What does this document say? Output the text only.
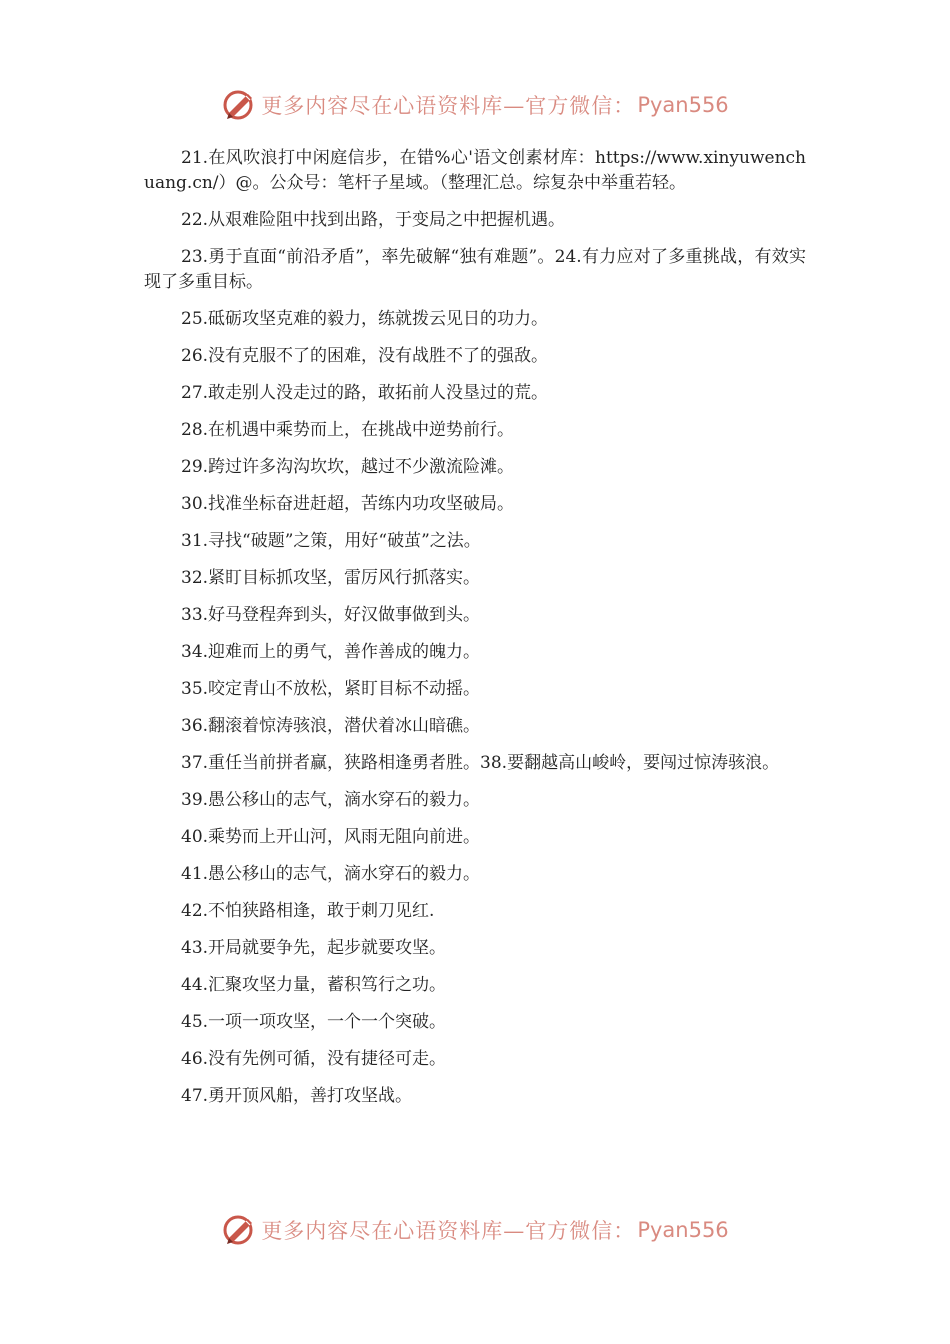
更多内容尽在心语资料库—官方微信： Pyan556

21.在风吹浪打中闲庭信步，在错%心'语文创素材库：https://www.xinyuwenchuang.cn/）@。公众号：笔杆子星域。（整理汇总。综复杂中举重若轻。

22.从艰难险阻中找到出路，于变局之中把握机遇。

23.勇于直面“前沿矛盾”，率先破解“独有难题”。24.有力应对了多重挑战，有效实现了多重目标。

25.砥砺攻坚克难的毅力，练就拨云见日的功力。

26.没有克服不了的困难，没有战胜不了的强敌。

27.敢走别人没走过的路，敢拓前人没垦过的荒。

28.在机遇中乘势而上，在挑战中逆势前行。

29.跨过许多沟沟坎坎，越过不少激流险滩。

30.找准坐标奋进赶超，苦练内功攻坚破局。

31.寻找“破题”之策，用好“破茧”之法。

32.紧盯目标抓攻坚，雷厉风行抓落实。

33.好马登程奔到头，好汉做事做到头。

34.迎难而上的勇气，善作善成的魄力。

35.咬定青山不放松，紧盯目标不动摇。

36.翻滚着惊涛骇浪，潜伏着冰山暗礁。

37.重任当前拼者赢，狭路相逢勇者胜。38.要翻越高山峻岭，要闯过惊涛骇浪。

39.愚公移山的志气，滴水穿石的毅力。

40.乘势而上开山河，风雨无阻向前进。

41.愚公移山的志气，滴水穿石的毅力。

42.不怕狭路相逢，敢于刺刀见红.

43.开局就要争先，起步就要攻坚。

44.汇聚攻坚力量，蓄积笃行之功。

45.一项一项攻坚，一个一个突破。

46.没有先例可循，没有捷径可走。

47.勇开顶风船，善打攻坚战。

更多内容尽在心语资料库—官方微信： Pyan556
